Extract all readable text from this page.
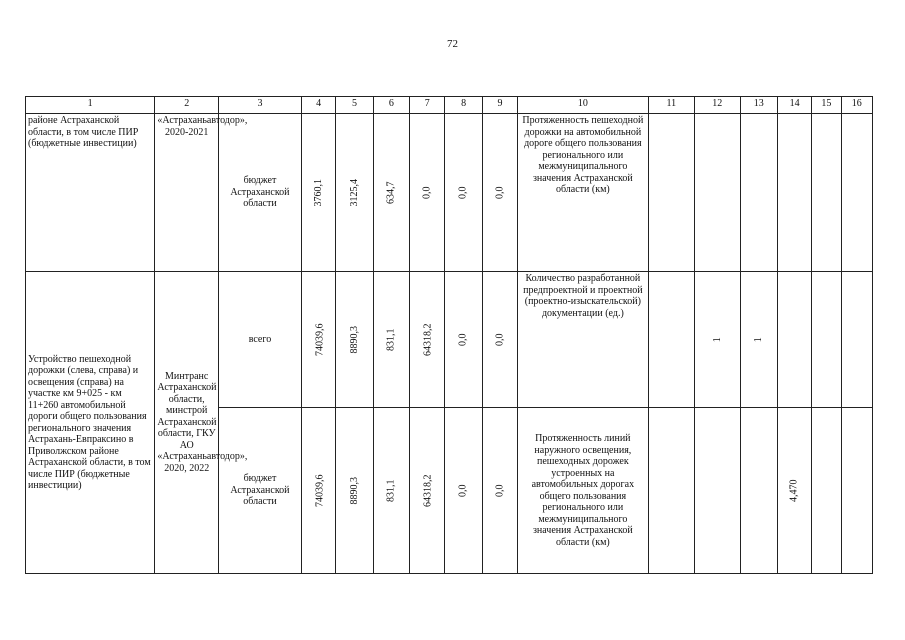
72
1	2	3	4	5	6	7	8	9	10	11	12	13	14	15	16
районе Астраханской области, в том числе ПИР (бюджетные инвестиции)	«Астраханьавтодор», 2020-2021	бюджет Астраханской области	3760,1	3125,4	634,7	0,0	0,0	0,0	Протяженность пешеходной дорожки на автомобильной дороге общего пользования регионального или межмуниципального значения Астраханской области (км)						
Устройство пешеходной дорожки (слева, справа) и освещения (справа) на участке км 9+025 - км 11+260 автомобильной дороги общего пользования регионального значения Астрахань-Евпраксино в Приволжском районе Астраханской области, в том числе ПИР (бюджетные инвестиции)	Минтранс Астраханской области, минстрой Астраханской области, ГКУ АО «Астраханьавтодор», 2020, 2022	всего	74039,6	8890,3	831,1	64318,2	0,0	0,0	Количество разработанной предпроектной и проектной (проектно-изыскательской) документации (ед.)		1	1			
		бюджет Астраханской области	74039,6	8890,3	831,1	64318,2	0,0	0,0	Протяженность линий наружного освещения, пешеходных дорожек устроенных на автомобильных дорогах общего пользования регионального или межмуниципального значения Астраханской области (км)				4,470		
